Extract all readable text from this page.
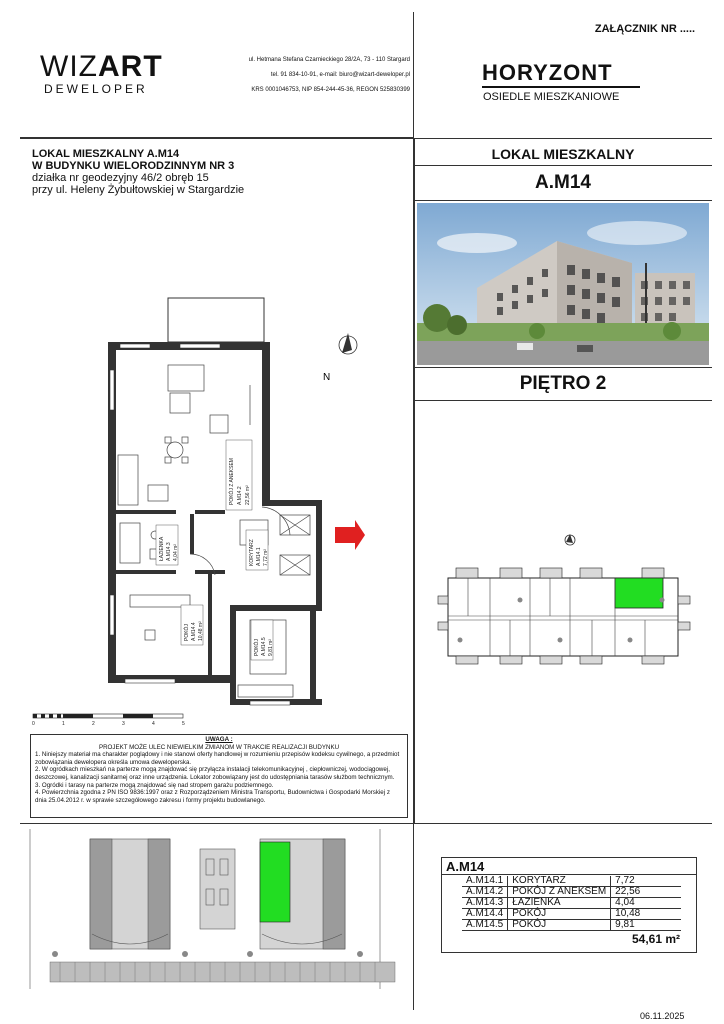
ZAŁĄCZNIK NR .....
WIZART
DEWELOPER
ul. Hetmana Stefana Czarnieckiego 28/2A, 73 - 110 Stargard
tel. 91 834-10-91, e-mail: biuro@wizart-deweloper.pl
KRS 0001046753, NIP 854-244-45-36, REGON 525830399
HORYZONT
OSIEDLE MIESZKANIOWE
LOKAL MIESZKALNY A.M14
W BUDYNKU WIELORODZINNYM NR 3
działka nr geodezyjny 46/2 obręb 15
przy ul. Heleny Żybułtowskiej w Stargardzie
LOKAL MIESZKALNY
A.M14
PIĘTRO 2
POKÓJ Z ANEKSEM A.M14.2 22,56 m²
KORYTARZ A.M14.1 7,72 m²
ŁAZIENKA A.M14.3 4,04 m²
POKÓJ A.M14.4 10,48 m²
POKÓJ A.M14.5 9,81 m²
N
0	1	2	3	4	5
UWAGA :
PROJEKT MOŻE ULEC NIEWIELKIM ZMIANOM W TRAKCIE REALIZACJI BUDYNKU
1. Niniejszy materiał ma charakter poglądowy i nie stanowi oferty handlowej w rozumieniu przepisów kodeksu cywilnego, a przedmiot zobowiązania dewelopera określa umowa deweloperska.
2. W ogródkach mieszkań na parterze mogą znajdować się przyłącza instalacji telekomunikacyjnej , ciepłowniczej, wodociągowej, deszczowej, kanalizacji sanitarnej oraz inne urządzenia. Lokator zobowiązany jest do udostępniania tarasów służbom technicznym.
3. Ogródki i tarasy na parterze mogą znajdować się nad stropem garażu podziemnego.
4. Powierzchnia zgodna z PN ISO 9836:1997 oraz z Rozporządzeniem Ministra Transportu, Budownictwa i Gospodarki Morskiej z dnia 25.04.2012 r. w sprawie szczegółowego zakresu i formy projektu budowlanego.
A.M14
A.M14.1	KORYTARZ	7,72
A.M14.2	POKÓJ Z ANEKSEM	22,56
A.M14.3	ŁAZIENKA	4,04
A.M14.4	POKÓJ	10,48
A.M14.5	POKÓJ	9,81
54,61 m²
06.11.2025
